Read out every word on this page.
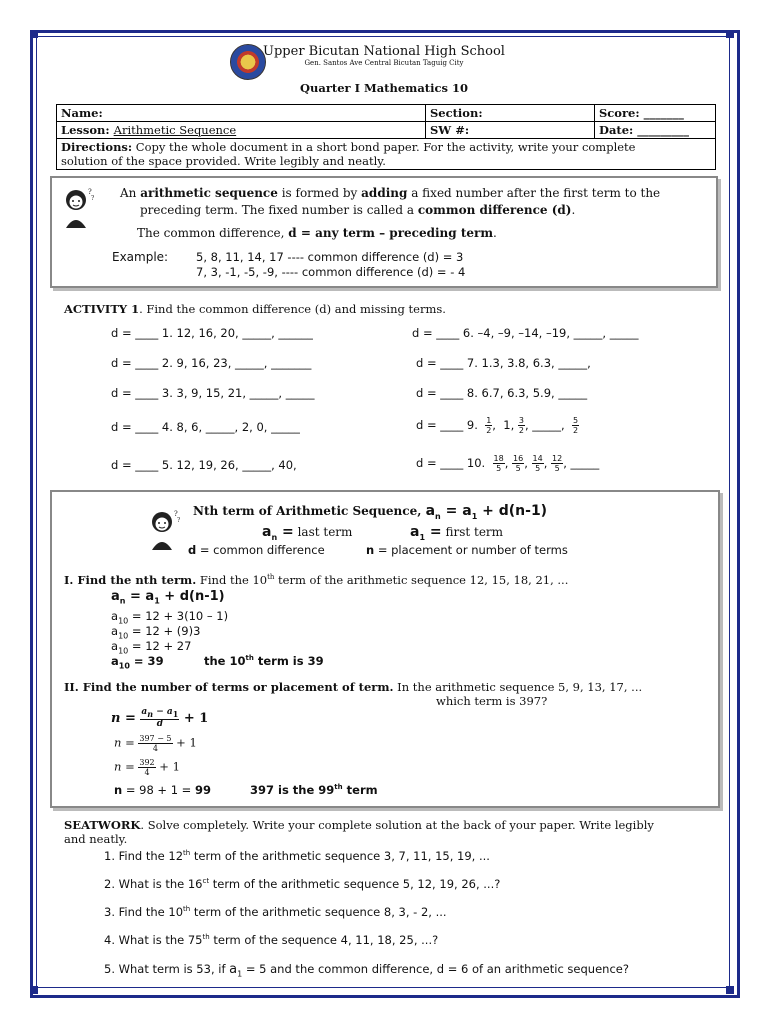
Upper Bicutan National High School
Gen. Santos Ave Central Bicutan Taguig City
Quarter I Mathematics 10
Name:	Section:	Score: _______
Lesson: Arithmetic Sequence	SW #:	Date: _________
Directions: Copy the whole document in a short bond paper. For the activity, write your complete
solution of the space provided. Write legibly and neatly.		
?
? An arithmetic sequence is formed by adding a fixed number after the first term to the
preceding term. The fixed number is called a common difference (d).
The common difference, d = any term – preceding term.
Example: 5, 8, 11, 14, 17 ---- common difference (d) = 3
7, 3, -1, -5, -9, ---- common difference (d) = - 4
ACTIVITY 1. Find the common difference (d) and missing terms.
d = ____ 1. 12, 16, 20, _____, ______
d = ____ 2. 9, 16, 23, _____, _______
d = ____ 3. 3, 9, 15, 21, _____, _____
d = ____ 4. 8, 6, _____, 2, 0, _____
d = ____ 5. 12, 19, 26, _____, 40,
d = ____ 6. –4, –9, –14, –19, _____, _____
d = ____ 7. 1.3, 3.8, 6.3, _____,
d = ____ 8. 6.7, 6.3, 5.9, _____
d = ____ 9. $\frac{1}{2}$ ,  1, $\frac{3}{2}$ , _____, $\frac{5}{2}$
d = ____ 10. $\frac{18}{5}$ , $\frac{16}{5}$ , $\frac{14}{5}$ , $\frac{12}{5}$ , _____
?
?
Nth term of Arithmetic Sequence, $a_n = a_1 + d(n-1)$
$a_n$ = last term	$a_1$ = first term
d = common difference	n = placement or number of terms
I. Find the nth term. Find the 10th term of the arithmetic sequence 12, 15, 18, 21, ...
$a_n = a_1 + d(n-1)$
$a_{10} = 12 + 3(10 - 1)$
$a_{10} = 12 + (9)3$
$a_{10} = 12 + 27$
$a_{10} = 39$	the 10th term is 39
II. Find the number of terms or placement of term. In the arithmetic sequence 5, 9, 13, 17, ...
which term is 397?
$n = \frac{a_n - a_1}{d} + 1$
$n = \frac{397 - 5}{4} + 1$
$n = \frac{392}{4} + 1$
n = 98 + 1 = 99	397 is the 99th term
SEATWORK. Solve completely. Write your complete solution at the back of your paper. Write legibly
and neatly.
1. Find the 12th term of the arithmetic sequence 3, 7, 11, 15, 19, ...
2. What is the $16^{ct}$ term of the arithmetic sequence 5, 12, 19, 26, ...?
3. Find the 10th term of the arithmetic sequence 8, 3, - 2, ...
4. What is the 75th term of the sequence 4, 11, 18, 25, ...?
5. What term is 53, if $a_1 = 5$ and the common difference, d = 6 of an arithmetic sequence?
